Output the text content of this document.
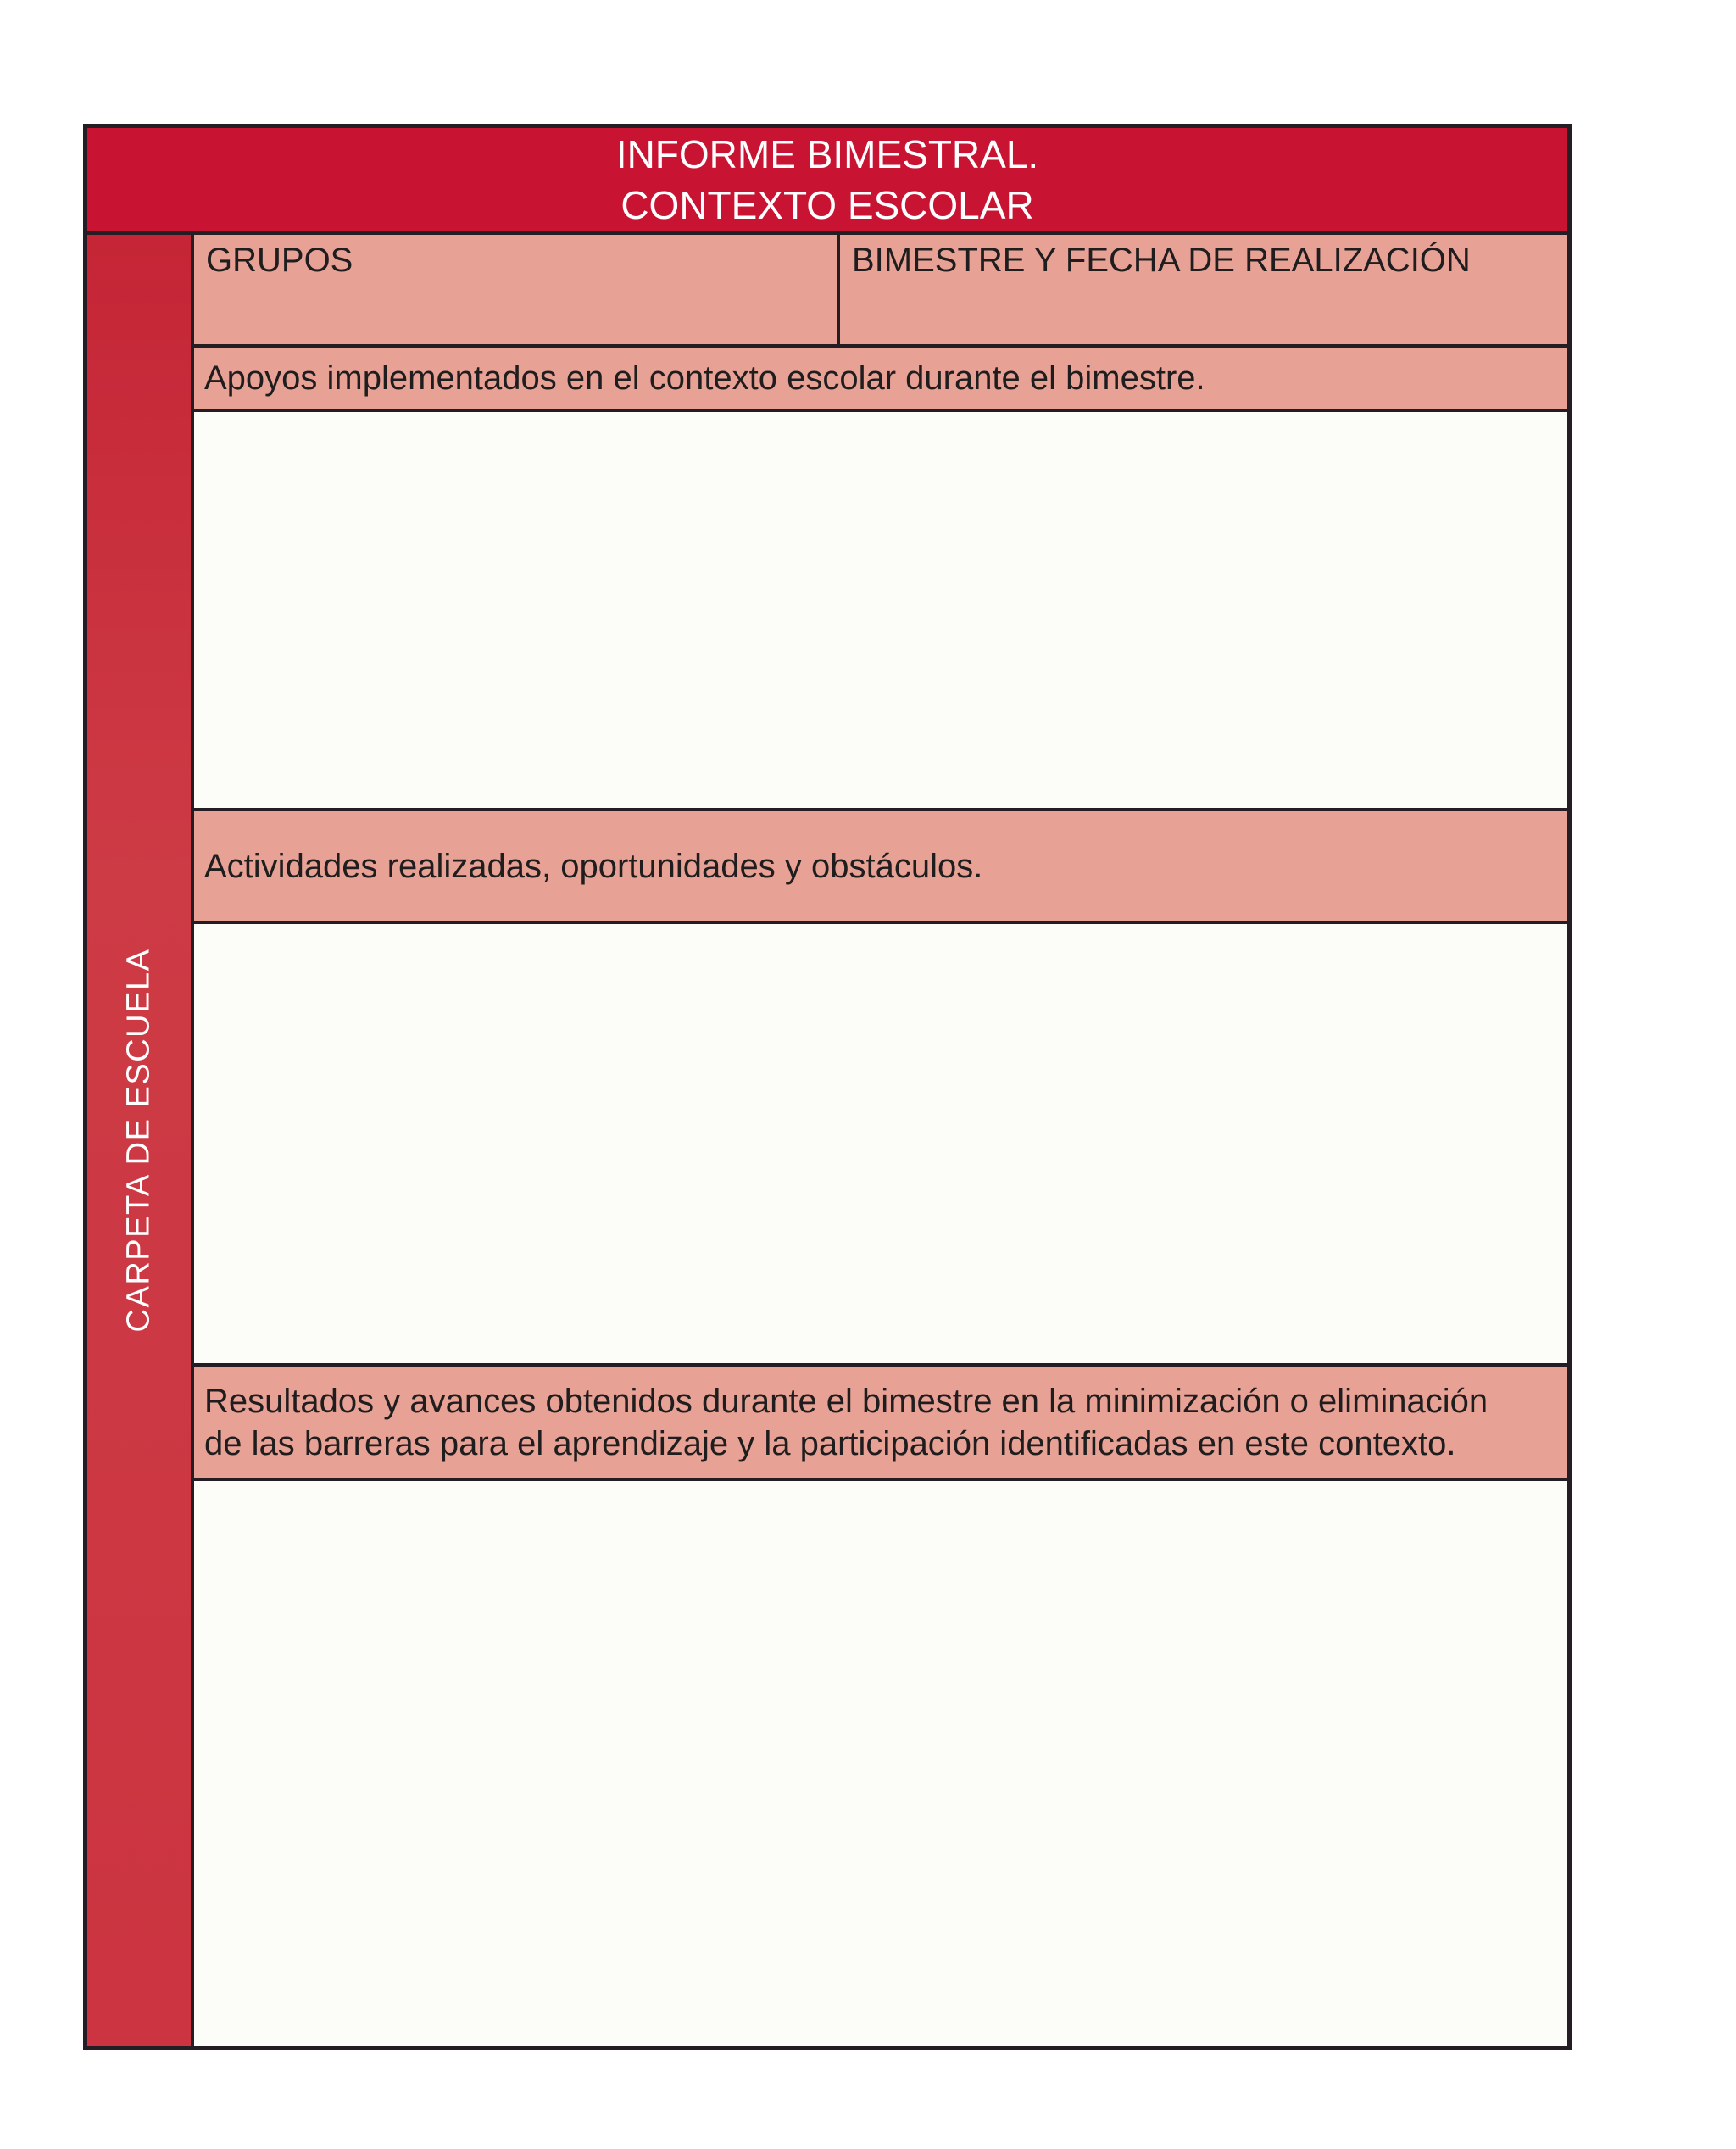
INFORME BIMESTRAL.
CONTEXTO ESCOLAR
CARPETA DE ESCUELA
GRUPOS	BIMESTRE Y FECHA DE REALIZACIÓN
Apoyos implementados en el contexto escolar durante el bimestre.
Actividades realizadas, oportunidades y obstáculos.
Resultados y avances obtenidos durante el bimestre en la minimización o eliminación
de las barreras para el aprendizaje y la participación identificadas en este contexto.
